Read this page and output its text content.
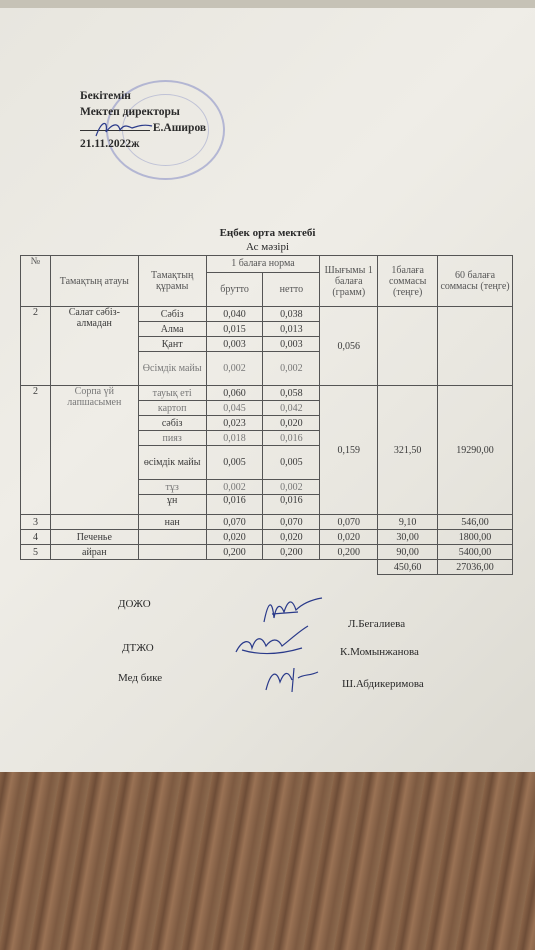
Бекітемін
Мектеп директоры
Е.Аширов
21.11.2022ж
Еңбек орта мектебі
Ас мәзірі
№	Тамақтың атауы	Тамақтың құрамы	1 балаға норма		Шығымы 1 балаға (грамм)	1балаға соммасы (теңге)	60 балаға соммасы (теңге)
			брутто	нетто			
2	Салат сәбіз-алмадан	Сәбіз	0,040	0,038	0,056		
		Алма	0,015	0,013			
		Қант	0,003	0,003			
		Өсімдік майы	0,002	0,002			
2	Сорпа үй лапшасымен	тауық еті	0,060	0,058	0,159	321,50	19290,00
		картоп	0,045	0,042			
		сәбіз	0,023	0,020			
		пияз	0,018	0,016			
		өсімдік майы	0,005	0,005			
		тұз	0,002	0,002			
		ұн	0,016	0,016			
3		нан	0,070	0,070	0,070	9,10	546,00
4	Печенье		0,020	0,020	0,020	30,00	1800,00
5	айран		0,200	0,200	0,200	90,00	5400,00
						450,60	27036,00
ДОЖО
Л.Бегалиева
ДТЖО	К.Момынжанова
Мед бике	Ш.Абдикеримова
